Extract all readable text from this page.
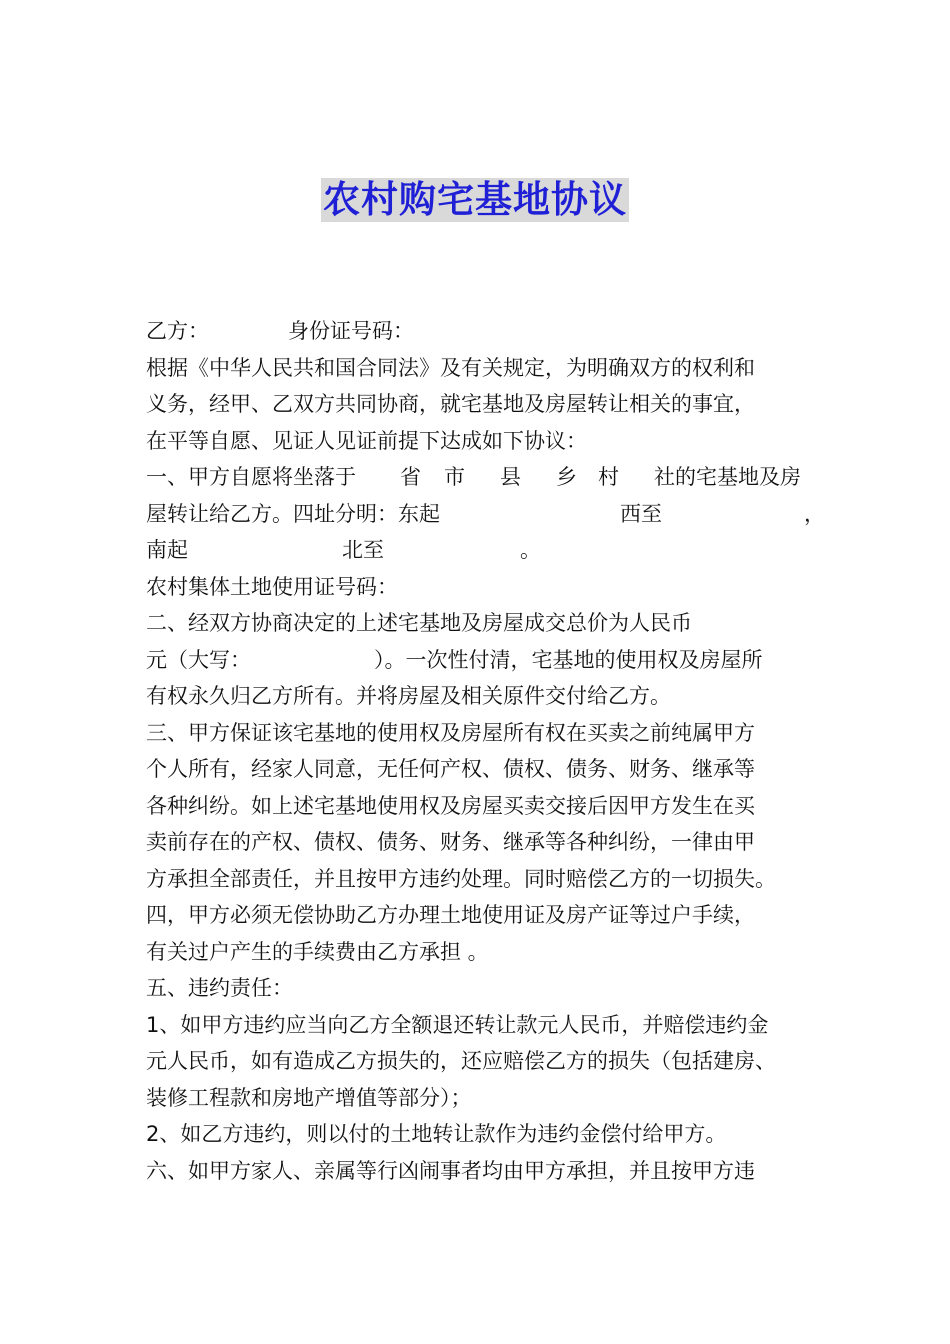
农村购宅基地协议
乙方：	身份证号码：
根据《中华人民共和国合同法》及有关规定，为明确双方的权利和
义务，经甲、乙双方共同协商，就宅基地及房屋转让相关的事宜，
在平等自愿、见证人见证前提下达成如下协议：
一、甲方自愿将坐落于 省 市 县 乡 村 社的宅基地及房
屋转让给乙方。四址分明：东起	西至	，
南起	北至	。
农村集体土地使用证号码：
二、经双方协商决定的上述宅基地及房屋成交总价为人民币
元（大写：	）。一次性付清，宅基地的使用权及房屋所
有权永久归乙方所有。并将房屋及相关原件交付给乙方。
三、甲方保证该宅基地的使用权及房屋所有权在买卖之前纯属甲方
个人所有，经家人同意，无任何产权、债权、债务、财务、继承等
各种纠纷。如上述宅基地使用权及房屋买卖交接后因甲方发生在买
卖前存在的产权、债权、债务、财务、继承等各种纠纷，一律由甲
方承担全部责任，并且按甲方违约处理。同时赔偿乙方的一切损失。
四，甲方必须无偿协助乙方办理土地使用证及房产证等过户手续，
有关过户产生的手续费由乙方承担 。
五、违约责任：
1、如甲方违约应当向乙方全额退还转让款元人民币，并赔偿违约金
元人民币，如有造成乙方损失的，还应赔偿乙方的损失（包括建房、
装修工程款和房地产增值等部分）；
2、如乙方违约，则以付的土地转让款作为违约金偿付给甲方。
六、如甲方家人、亲属等行凶闹事者均由甲方承担，并且按甲方违
